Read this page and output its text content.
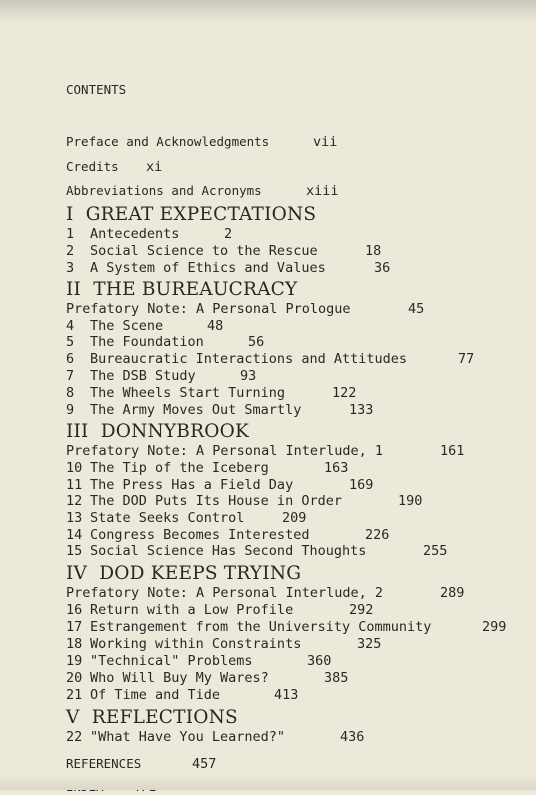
CONTENTS
Preface and Acknowledgments	vii
Credits xi
Abbreviations and Acronyms	xiii
I GREAT EXPECTATIONS
1 Antecedents	2
2 Social Science to the Rescue	18
3 A System of Ethics and Values	36
II THE BUREAUCRACY
Prefatory Note: A Personal Prologue	45
4 The Scene	48
5 The Foundation	56
6 Bureaucratic Interactions and Attitudes	77
7 The DSB Study	93
8 The Wheels Start Turning	122
9 The Army Moves Out Smartly	133
III DONNYBROOK
Prefatory Note: A Personal Interlude, 1	161
10 The Tip of the Iceberg	163
11 The Press Has a Field Day	169
12 The DOD Puts Its House in Order	190
13 State Seeks Control	209
14 Congress Becomes Interested	226
15 Social Science Has Second Thoughts	255
IV DOD KEEPS TRYING
Prefatory Note: A Personal Interlude, 2	289
16 Return with a Low Profile	292
17 Estrangement from the University Community	299
18 Working within Constraints	325
19 "Technical" Problems	360
20 Who Will Buy My Wares?	385
21 Of Time and Tide	413
V REFLECTIONS
22 "What Have You Learned?"	436
REFERENCES	457
